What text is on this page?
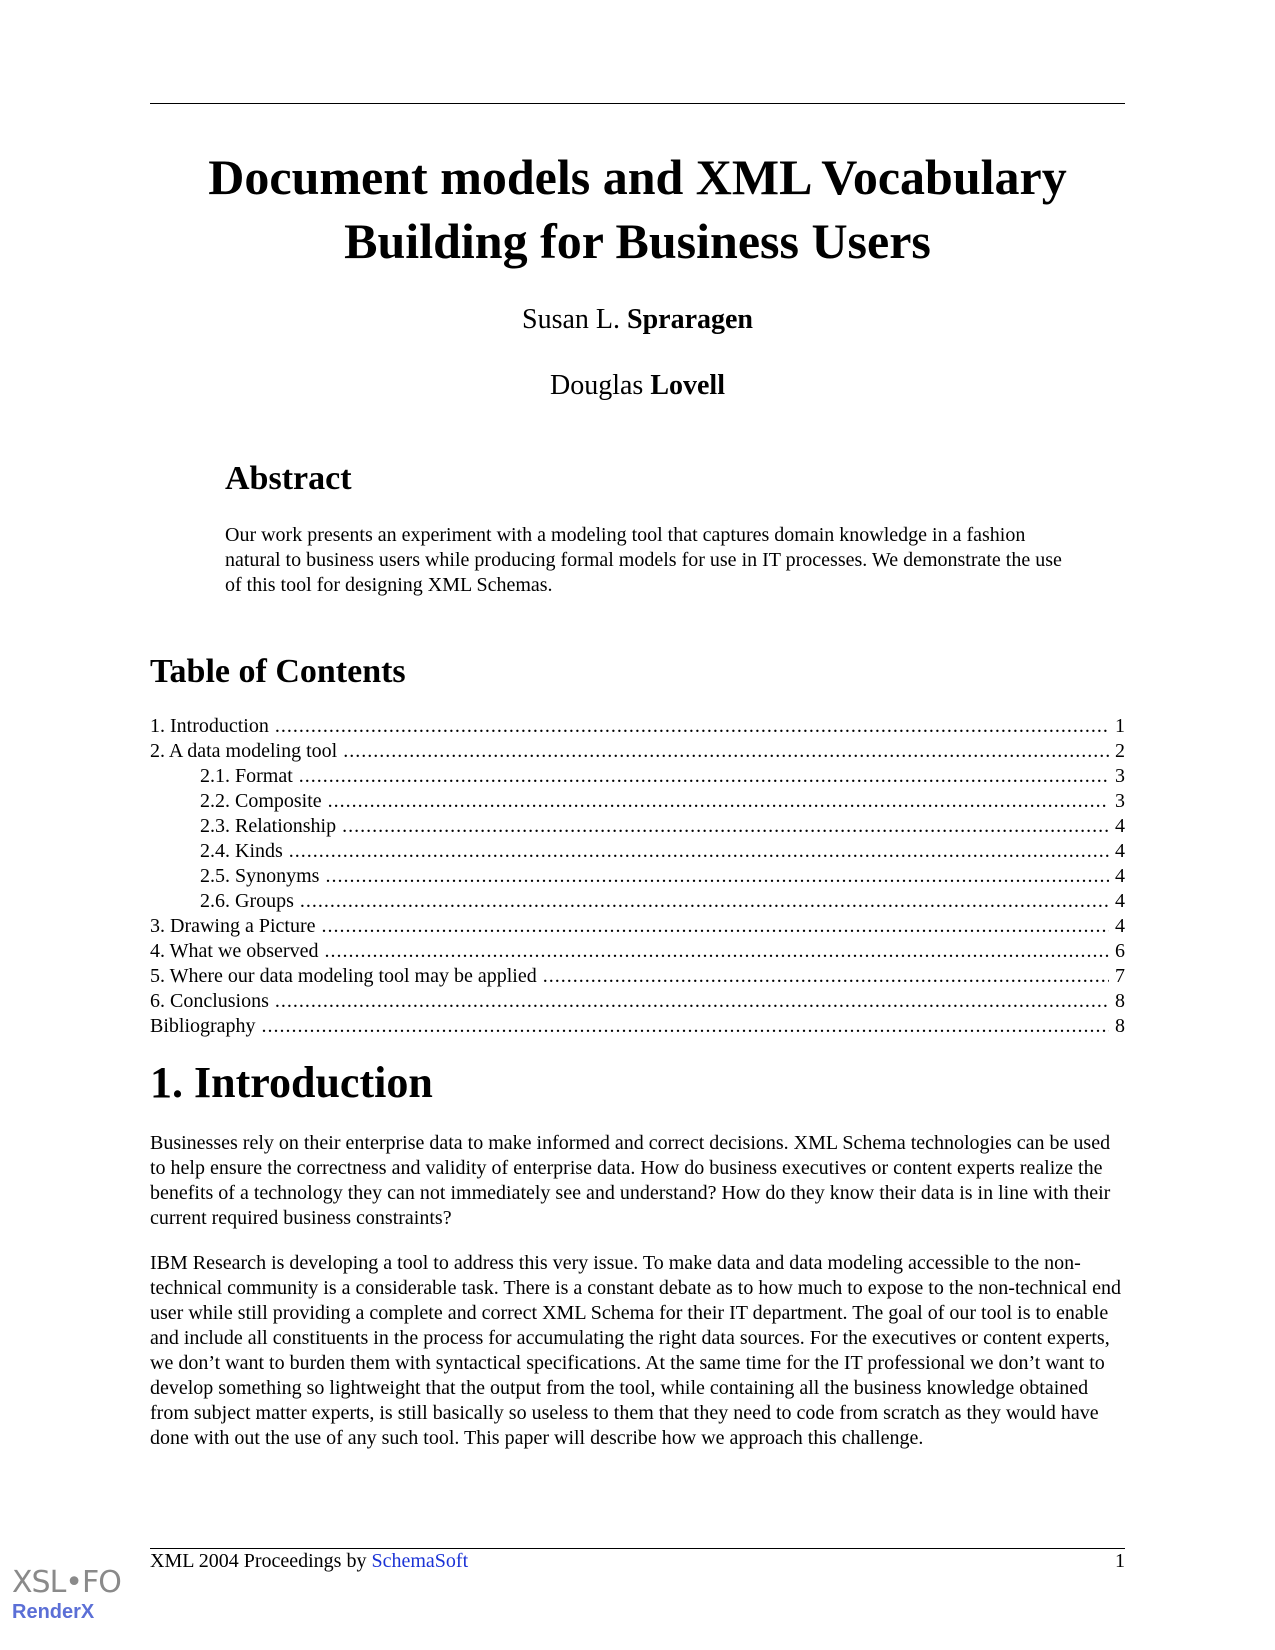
Document models and XML Vocabulary Building for Business Users
Susan L. Spraragen
Douglas Lovell
Abstract

Our work presents an experiment with a modeling tool that captures domain knowledge in a fashion natural to business users while producing formal models for use in IT processes. We demonstrate the use of this tool for designing XML Schemas.

Table of Contents
1. Introduction .....	1
2. A data modeling tool .....	2
2.1. Format .....	3
2.2. Composite .....	3
2.3. Relationship .....	4
2.4. Kinds .....	4
2.5. Synonyms .....	4
2.6. Groups .....	4
3. Drawing a Picture .....	4
4. What we observed .....	6
5. Where our data modeling tool may be applied .....	7
6. Conclusions .....	8
Bibliography .....	8
1. Introduction

Businesses rely on their enterprise data to make informed and correct decisions. XML Schema technologies can be used to help ensure the correctness and validity of enterprise data. How do business executives or content experts realize the benefits of a technology they can not immediately see and understand? How do they know their data is in line with their current required business constraints?

IBM Research is developing a tool to address this very issue. To make data and data modeling accessible to the non-technical community is a considerable task. There is a constant debate as to how much to expose to the non-technical end user while still providing a complete and correct XML Schema for their IT department. The goal of our tool is to enable and include all constituents in the process for accumulating the right data sources. For the executives or content experts, we don’t want to burden them with syntactical specifications. At the same time for the IT professional we don’t want to develop something so lightweight that the output from the tool, while containing all the business knowledge obtained from subject matter experts, is still basically so useless to them that they need to code from scratch as they would have done with out the use of any such tool. This paper will describe how we approach this challenge.

XML 2004 Proceedings by SchemaSoft	1
XSL•FO
RenderX
